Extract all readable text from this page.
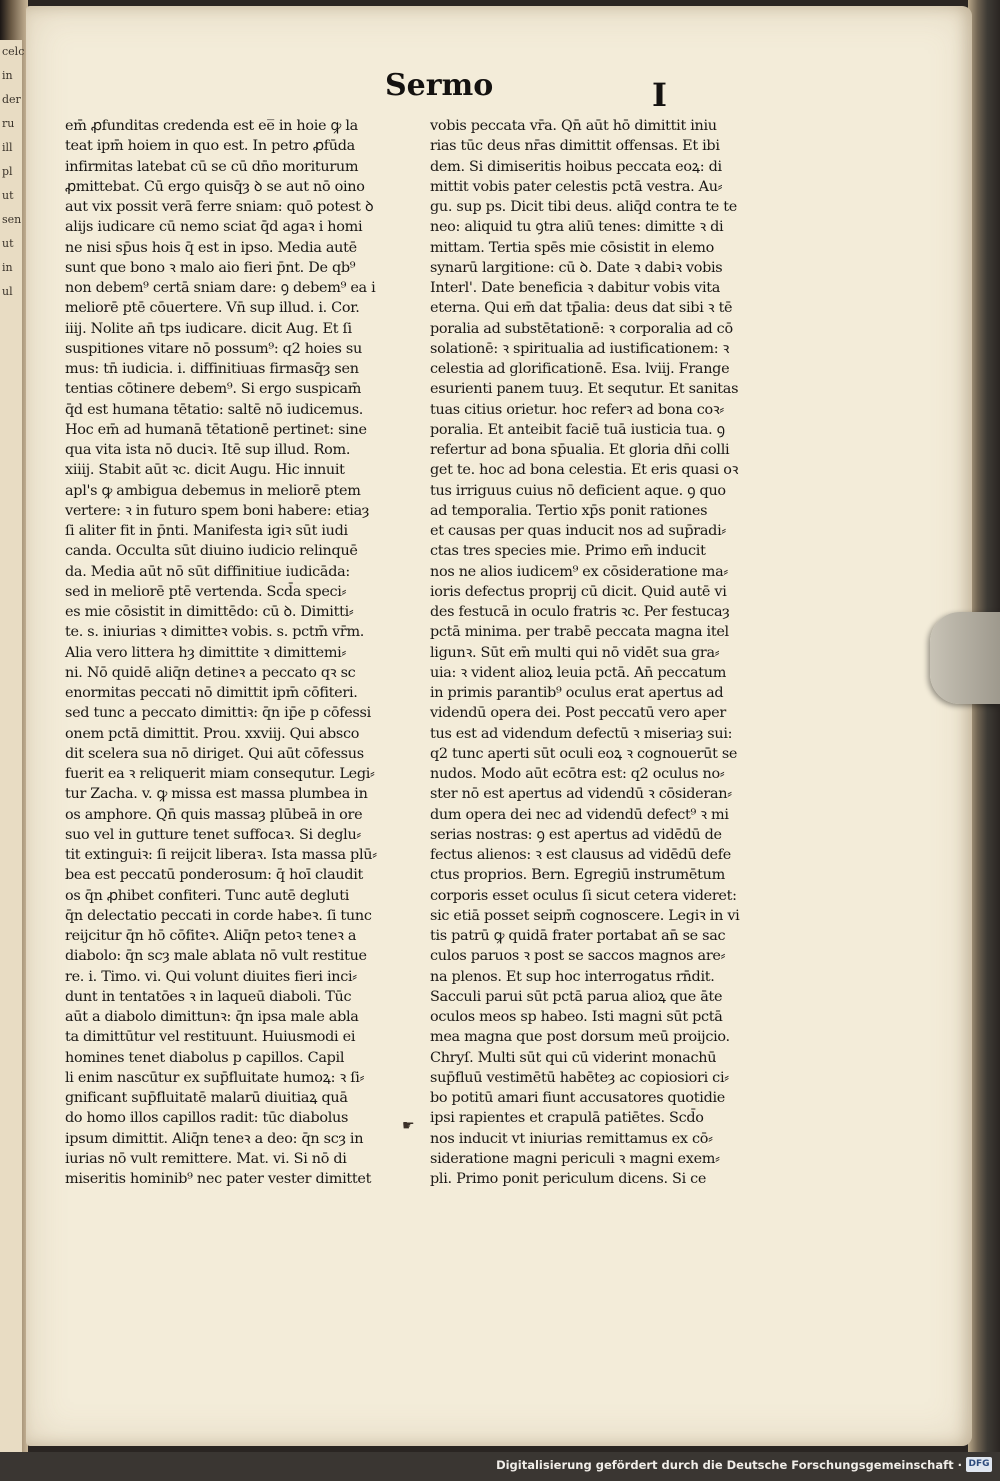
celc
in
der
ru
ill
pl
ut
sen
ut
in
ul
Sermo	I
em̄ ꝓfunditas credenda est ee̅ in hoie ꝙ la
teat ipm̄ hoiem in quo est. In petro ꝓfūda
infirmitas latebat cū se cū dn̄o moriturum
ꝓmittebat. Cū ergo quisq̄ȝ ꝺ se aut nō oino
aut vix possit verā ferre sniam: quō potest ꝺ
alijs iudicare cū nemo sciat q̄d agaꝛ i homi
ne nisi sp̄us hois q̄ est in ipso. Media autē
sunt que bono ꝛ malo aio fieri p̄nt. De qb⁹
non debem⁹ certā sniam dare: ꝯ debem⁹ ea i
meliorē ptē cōuertere. Vn̄ sup illud. i. Cor.
iiij. Nolite an̄ tps iudicare. dicit Aug. Et ſi
suspitiones vitare nō possum⁹: q2 hoies su
mus: tn̄ iudicia. i. diffinitiuas firmasq̄ȝ sen
tentias cōtinere debem⁹. Si ergo suspicam̄
q̄d est humana tētatio: saltē nō iudicemus.
Hoc em̄ ad humanā tētationē pertinet: sine
qua vita ista nō duciꝛ. Itē sup illud. Rom.
xiiij. Stabit aūt ꝛc. dicit Augu. Hic innuit
apl's ꝙ ambigua debemus in meliorē ptem
vertere: ꝛ in futuro spem boni habere: etiaȝ
ſi aliter fit in p̄nti. Manifesta igiꝛ sūt iudi
canda. Occulta sūt diuino iudicio relinquē
da. Media aūt nō sūt diffinitiue iudicāda:
sed in meliorē ptē vertenda. Scd̄a speci⸗
es mie cōsistit in dimittēdo: cū ꝺ. Dimitti⸗
te. s. iniurias ꝛ dimitteꝛ vobis. s. pctm̄ vr̄m.
Alia vero littera hȝ dimittite ꝛ dimittemi⸗
ni. Nō quidē aliq̄n detineꝛ a peccato qꝛ sc
enormitas peccati nō dimittit ipm̄ cōfiteri.
sed tunc a peccato dimittiꝛ: q̄n ip̄e p cōfessi
onem pctā dimittit. Prou. xxviij. Qui absco
dit scelera sua nō diriget. Qui aūt cōfessus
fuerit ea ꝛ reliquerit miam consequtur. Legi⸗
tur Zacha. v. ꝙ missa est massa plumbea in
os amphore. Qn̄ quis massaȝ plūbeā in ore
suo vel in gutture tenet suffocaꝛ. Si deglu⸗
tit extinguiꝛ: ſi reijcit liberaꝛ. Ista massa plū⸗
bea est peccatū ponderosum: q̄ hoī claudit
os q̄n ꝓhibet confiteri. Tunc autē degluti
q̄n delectatio peccati in corde habeꝛ. ſi tunc
reijcitur q̄n hō cōfiteꝛ. Aliq̄n petoꝛ teneꝛ a
diabolo: q̄n scȝ male ablata nō vult restitue
re. i. Timo. vi. Qui volunt diuites fieri inci⸗
dunt in tentatōes ꝛ in laqueū diaboli. Tūc
aūt a diabolo dimittunꝛ: q̄n ipsa male abla
ta dimittūtur vel restituunt. Huiusmodi ei
homines tenet diabolus p capillos. Capil
li enim nascūtur ex sup̄fluitate humoꝝ: ꝛ ſi⸗
gnificant sup̄fluitatē malarū diuitiaꝝ quā
do homo illos capillos radit: tūc diabolus
ipsum dimittit. Aliq̄n teneꝛ a deo: q̄n scȝ in
iurias nō vult remittere. Mat. vi. Si nō di
miseritis hominib⁹ nec pater vester dimittet
vobis peccata vr̄a. Qn̄ aūt hō dimittit iniu
rias tūc deus nr̄as dimittit offensas. Et ibi
dem. Si dimiseritis hoibus peccata eoꝝ: di
mittit vobis pater celestis pctā vestra. Au⸗
gu. sup ps. Dicit tibi deus. aliq̄d contra te te
neo: aliquid tu ꝯtra aliū tenes: dimitte ꝛ di
mittam. Tertia spēs mie cōsistit in elemo
synarū largitione: cū ꝺ. Date ꝛ dabiꝛ vobis
Interl'. Date beneficia ꝛ dabitur vobis vita
eterna. Qui em̄ dat tp̄alia: deus dat sibi ꝛ tē
poralia ad substētationē: ꝛ corporalia ad cō
solationē: ꝛ spiritualia ad iustificationem: ꝛ
celestia ad glorificationē. Esa. lviij. Frange
esurienti panem tuuȝ. Et sequtur. Et sanitas
tuas citius orietur. hoc referꝛ ad bona coꝛ⸗
poralia. Et anteibit faciē tuā iusticia tua. ꝯ
refertur ad bona sp̄ualia. Et gloria dn̄i colli
get te. hoc ad bona celestia. Et eris quasi oꝛ
tus irriguus cuius nō deficient aque. ꝯ quo
ad temporalia. Tertio xp̄s ponit rationes
et causas per quas inducit nos ad sup̄radi⸗
ctas tres species mie. Primo em̄ inducit
nos ne alios iudicem⁹ ex cōsideratione ma⸗
ioris defectus proprij cū dicit. Quid autē vi
des festucā in oculo fratris ꝛc. Per festucaȝ
pctā minima. per trabē peccata magna itel
ligunꝛ. Sūt em̄ multi qui nō vidēt sua gra⸗
uia: ꝛ vident alioꝝ leuia pctā. An̄ peccatum
in primis parantib⁹ oculus erat apertus ad
videndū opera dei. Post peccatū vero aper
tus est ad videndum defectū ꝛ miseriaȝ sui:
q2 tunc aperti sūt oculi eoꝝ ꝛ cognouerūt se
nudos. Modo aūt ecōtra est: q2 oculus no⸗
ster nō est apertus ad videndū ꝛ cōsideran⸗
dum opera dei nec ad videndū defect⁹ ꝛ mi
serias nostras: ꝯ est apertus ad vidēdū de
fectus alienos: ꝛ est clausus ad vidēdū defe
ctus proprios. Bern. Egregiū instrumētum
corporis esset oculus ſi sicut cetera videret:
sic etiā posset seipm̄ cognoscere. Legiꝛ in vi
tis patrū ꝙ quidā frater portabat an̄ se sac
culos paruos ꝛ post se saccos magnos are⸗
na plenos. Et sup hoc interrogatus rn̄dit.
Sacculi parui sūt pctā parua alioꝝ que āte
oculos meos sp habeo. Isti magni sūt pctā
mea magna que post dorsum meū proijcio.
Chryſ. Multi sūt qui cū viderint monachū
sup̄fluū vestimētū habēteȝ ac copiosiori ci⸗
bo potitū amari fiunt accusatores quotidie
ipsi rapientes et crapulā patiētes. Scd̄o
nos inducit vt iniurias remittamus ex cō⸗
sideratione magni periculi ꝛ magni exem⸗
pli. Primo ponit periculum dicens. Si ce
☛
Digitalisierung gefördert durch die Deutsche Forschungsgemeinschaft · DFG
